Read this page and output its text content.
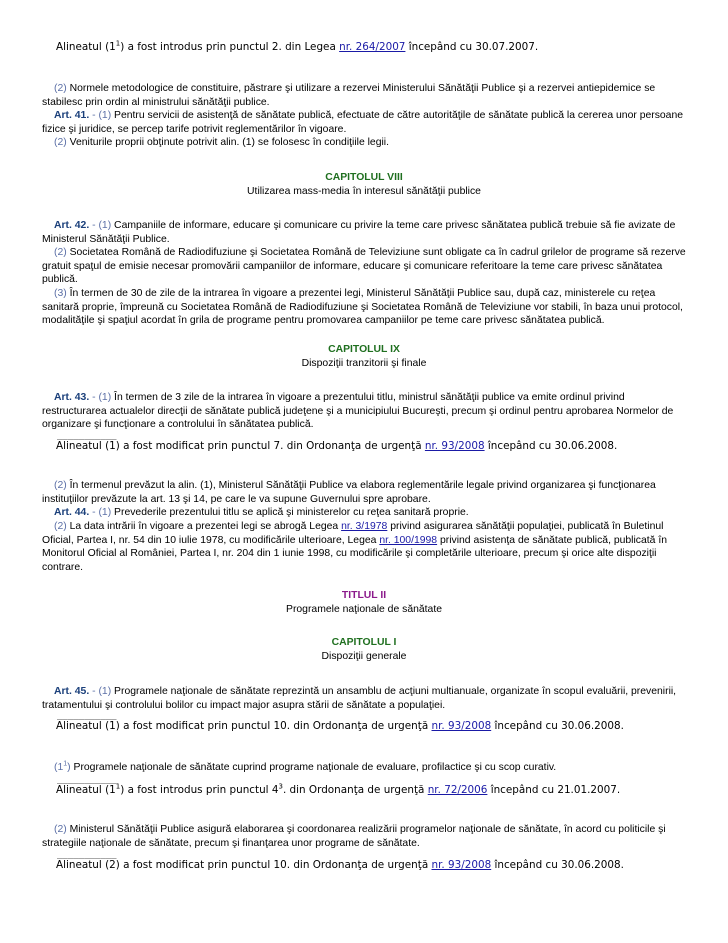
Alineatul $(1^1)$ a fost introdus prin punctul 2. din Legea nr. 264/2007 începând cu 30.07.2007.
(2) Normele metodologice de constituire, păstrare şi utilizare a rezervei Ministerului Sănătăţii Publice şi a rezervei antiepidemice se stabilesc prin ordin al ministrului sănătăţii publice.
Art. 41. - (1) Pentru servicii de asistenţă de sănătate publică, efectuate de către autorităţile de sănătate publică la cererea unor persoane fizice şi juridice, se percep tarife potrivit reglementărilor în vigoare.
(2) Veniturile proprii obţinute potrivit alin. (1) se folosesc în condiţiile legii.
CAPITOLUL VIII
Utilizarea mass-media în interesul sănătăţii publice
Art. 42. - (1) Campaniile de informare, educare şi comunicare cu privire la teme care privesc sănătatea publică trebuie să fie avizate de Ministerul Sănătăţii Publice.
(2) Societatea Română de Radiodifuziune şi Societatea Română de Televiziune sunt obligate ca în cadrul grilelor de programe să rezerve gratuit spaţul de emisie necesar promovării campaniilor de informare, educare şi comunicare referitoare la teme care privesc sănătatea publică.
(3) În termen de 30 de zile de la intrarea în vigoare a prezentei legi, Ministerul Sănătăţii Publice sau, după caz, ministerele cu reţea sanitară proprie, împreună cu Societatea Română de Radiodifuziune şi Societatea Română de Televiziune vor stabili, în baza unui protocol, modalităţile şi spaţiul acordat în grila de programe pentru promovarea campaniilor pe teme care privesc sănătatea publică.
CAPITOLUL IX
Dispoziţii tranzitorii şi finale
Art. 43. - (1) În termen de 3 zile de la intrarea în vigoare a prezentului titlu, ministrul sănătăţii publice va emite ordinul privind restructurarea actualelor direcţii de sănătate publică judeţene şi a municipiului Bucureşti, precum şi ordinul pentru aprobarea Normelor de organizare şi funcţionare a controlului în sănătatea publică.
___________
Alineatul (1) a fost modificat prin punctul 7. din Ordonanţa de urgenţă nr. 93/2008 începând cu 30.06.2008.
(2) În termenul prevăzut la alin. (1), Ministerul Sănătăţii Publice va elabora reglementările legale privind organizarea şi funcţionarea instituţiilor prevăzute la art. 13 şi 14, pe care le va supune Guvernului spre aprobare.
Art. 44. - (1) Prevederile prezentului titlu se aplică şi ministerelor cu reţea sanitară proprie.
(2) La data intrării în vigoare a prezentei legi se abrogă Legea nr. 3/1978 privind asigurarea sănătăţii populaţiei, publicată în Buletinul Oficial, Partea I, nr. 54 din 10 iulie 1978, cu modificările ulterioare, Legea nr. 100/1998 privind asistenţa de sănătate publică, publicată în Monitorul Oficial al României, Partea I, nr. 204 din 1 iunie 1998, cu modificările şi completările ulterioare, precum şi orice alte dispoziţii contrare.
TITLUL II
Programele naţionale de sănătate
CAPITOLUL I
Dispoziţii generale
Art. 45. - (1) Programele naţionale de sănătate reprezintă un ansamblu de acţiuni multianuale, organizate în scopul evaluării, prevenirii, tratamentului şi controlului bolilor cu impact major asupra stării de sănătate a populaţiei.
___________
Alineatul (1) a fost modificat prin punctul 10. din Ordonanţa de urgenţă nr. 93/2008 începând cu 30.06.2008.
$(1^1)$ Programele naţionale de sănătate cuprind programe naţionale de evaluare, profilactice şi cu scop curativ.
___________
Alineatul $(1^1)$ a fost introdus prin punctul $4^3$. din Ordonanţa de urgenţă nr. 72/2006 începând cu 21.01.2007.
(2) Ministerul Sănătăţii Publice asigură elaborarea şi coordonarea realizării programelor naţionale de sănătate, în acord cu politicile şi strategiile naţionale de sănătate, precum şi finanţarea unor programe de sănătate.
___________
Alineatul (2) a fost modificat prin punctul 10. din Ordonanţa de urgenţă nr. 93/2008 începând cu 30.06.2008.
